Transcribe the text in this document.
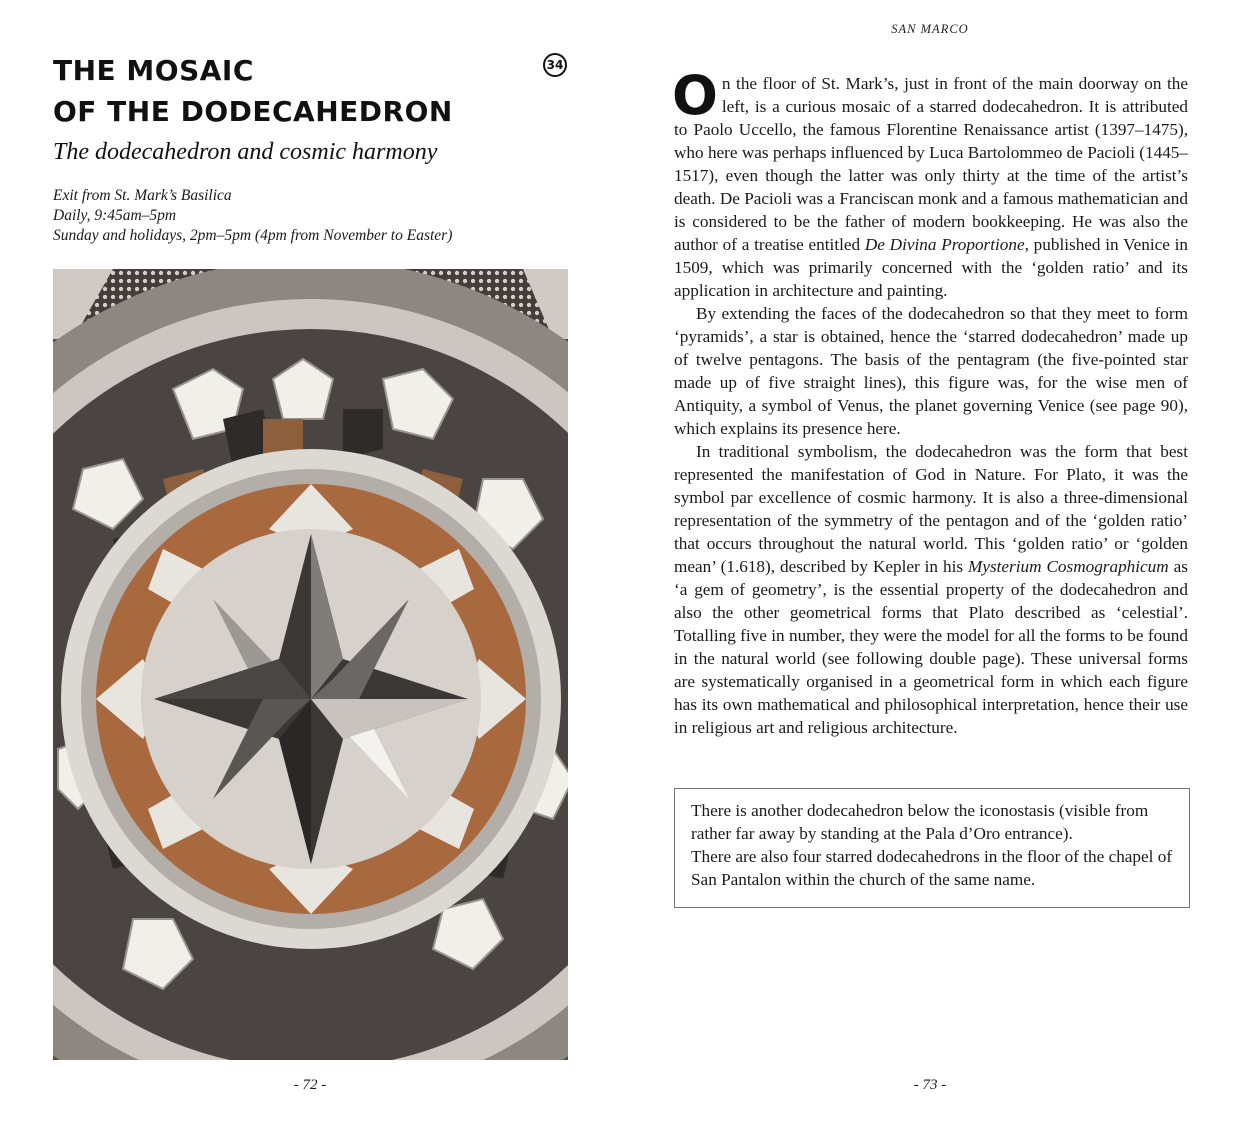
THE MOSAIC
OF THE DODECAHEDRON
34
The dodecahedron and cosmic harmony
Exit from St. Mark’s Basilica
Daily, 9:45am–5pm
Sunday and holidays, 2pm–5pm (4pm from November to Easter)
- 72 -
SAN MARCO

On the floor of St. Mark’s, just in front of the main doorway on the left, is a curious mosaic of a starred dodecahedron. It is attributed to Paolo Uccello, the famous Florentine Renaissance artist (1397–1475), who here was perhaps influenced by Luca Bartolommeo de Pacioli (1445–1517), even though the latter was only thirty at the time of the artist’s death. De Pacioli was a Franciscan monk and a famous mathematician and is considered to be the father of modern bookkeeping. He was also the author of a treatise entitled De Divina Proportione, published in Venice in 1509, which was primarily concerned with the ‘golden ratio’ and its application in architecture and painting.

By extending the faces of the dodecahedron so that they meet to form ‘pyramids’, a star is obtained, hence the ‘starred dodecahedron’ made up of twelve pentagons. The basis of the pentagram (the five-pointed star made up of five straight lines), this figure was, for the wise men of Antiquity, a symbol of Venus, the planet governing Venice (see page 90), which explains its presence here.

In traditional symbolism, the dodecahedron was the form that best represented the manifestation of God in Nature. For Plato, it was the symbol par excellence of cosmic harmony. It is also a three-dimensional representation of the symmetry of the pentagon and of the ‘golden ratio’ that occurs throughout the natural world. This ‘golden ratio’ or ‘golden mean’ (1.618), described by Kepler in his Mysterium Cosmographicum as ‘a gem of geometry’, is the essential property of the dodecahedron and also the other geometrical forms that Plato described as ‘celestial’. Totalling five in number, they were the model for all the forms to be found in the natural world (see following double page). These universal forms are systematically organised in a geometrical form in which each figure has its own mathematical and philosophical interpretation, hence their use in religious art and religious architecture.

There is another dodecahedron below the iconostasis (visible from rather far away by standing at the Pala d’Oro entrance).

There are also four starred dodecahedrons in the floor of the chapel of San Pantalon within the church of the same name.

- 73 -
